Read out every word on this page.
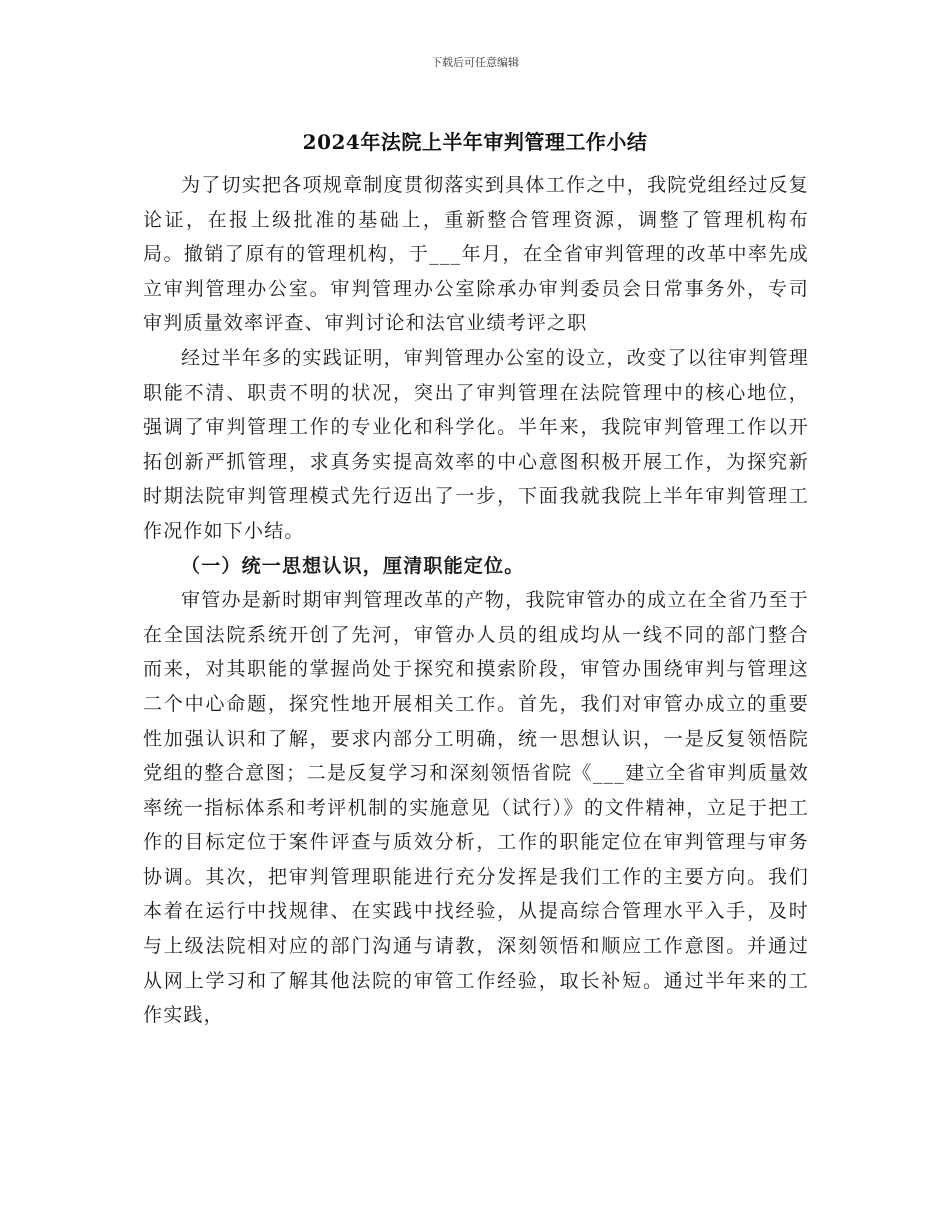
下载后可任意编辑
2024年法院上半年审判管理工作小结

为了切实把各项规章制度贯彻落实到具体工作之中，我院党组经过反复论证，在报上级批准的基础上，重新整合管理资源，调整了管理机构布局。撤销了原有的管理机构，于___年月，在全省审判管理的改革中率先成立审判管理办公室。审判管理办公室除承办审判委员会日常事务外，专司审判质量效率评查、审判讨论和法官业绩考评之职

经过半年多的实践证明，审判管理办公室的设立，改变了以往审判管理职能不清、职责不明的状况，突出了审判管理在法院管理中的核心地位，强调了审判管理工作的专业化和科学化。半年来，我院审判管理工作以开拓创新严抓管理，求真务实提高效率的中心意图积极开展工作，为探究新时期法院审判管理模式先行迈出了一步，下面我就我院上半年审判管理工作况作如下小结。

（一）统一思想认识，厘清职能定位。

审管办是新时期审判管理改革的产物，我院审管办的成立在全省乃至于在全国法院系统开创了先河，审管办人员的组成均从一线不同的部门整合而来，对其职能的掌握尚处于探究和摸索阶段，审管办围绕审判与管理这二个中心命题，探究性地开展相关工作。首先，我们对审管办成立的重要性加强认识和了解，要求内部分工明确，统一思想认识，一是反复领悟院党组的整合意图；二是反复学习和深刻领悟省院《___建立全省审判质量效率统一指标体系和考评机制的实施意见（试行）》的文件精神，立足于把工作的目标定位于案件评查与质效分析，工作的职能定位在审判管理与审务协调。其次，把审判管理职能进行充分发挥是我们工作的主要方向。我们本着在运行中找规律、在实践中找经验，从提高综合管理水平入手，及时与上级法院相对应的部门沟通与请教，深刻领悟和顺应工作意图。并通过从网上学习和了解其他法院的审管工作经验，取长补短。通过半年来的工作实践，
